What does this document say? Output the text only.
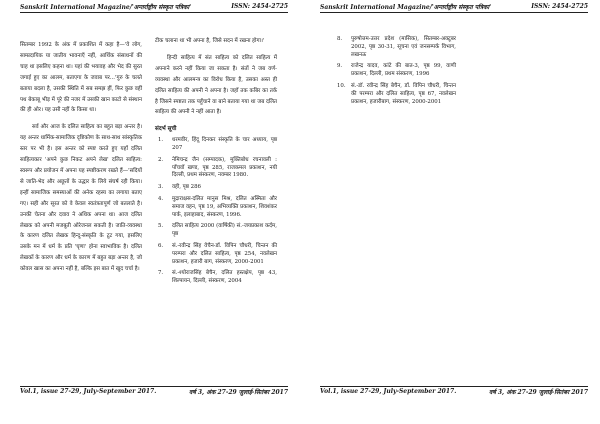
Sanskrit International Magazine/'अन्तर्राष्ट्रीय संस्कृत पत्रिका'	ISSN: 2454-2725

सितम्बर 1992 के अंक में प्रकाशित में कहा है—'वे लोग, साम्प्रदायिक या जातीय भावनाएँ नहीं, आर्थिक संसाधनों की चाह था इसलिए कहना था। यहां की भयावह और भेद की सुरत जगाई हुए का आलम, बताएगा के जवाब पर...'गुरु के चलते बताया बदला है, उसकी स्थिति में सब समझ हीं, फिर कुछ वहीं पथ बेकाबू भीड़ में पूरे की नजर में उसकी खान काटो से संस्थान की ही ओर। यह उसी नहीं के किसा था।

सर्व और आज के दलित साहित्य का बहुत बड़ा अन्तर है। यह अन्तर धार्मिक-सामाजिक दृष्टिकोण के साथ-साथ सांस्कृतिक स्तर पर भी है। इस अन्तर को स्पष्ट करते हुए यहाँ दलित साहित्यकार 'अपने कुछ निकट अपने लेख' दलित साहित्य: स्वरूप और प्रयोजन में अपना यह स्पष्टीकरण रखते हैं—'सदियों से जाति-भेद और अछूतों के उद्धार के लिये संघर्ष रही किया। इन्हीं सामाजिक समस्याओं की अनेक रहस्य का लगाया बताए गए। सही और सूरत को वे केवल स्वतंत्रतापूर्ण जो बतलाते है। उनकी चेतना और दवाव ने अधिक अपना था। आज दलित लेखक को अपनी मजबूती ओरेजनल सकती है। जाति-व्यवस्था के कारण दलित लेखक हिन्दू-संस्कृति के टूट गया, इसलिए उसके मन में धर्म के प्रति 'घृणा' होना स्वाभाविक है। दलित लेखकों के कारण और धर्म के कारण में बहुत बड़ा अन्तर है, जो कोवल खास का अपना नहीं है, बल्कि इस बात में खुद चर्चा है।

टीक चलाना था भी अपना है, जिसे सदन में रखना होगा।'

हिन्दी साहित्य में संत साहित्य को दलित साहित्य में अपनाने करने नहीं किया जा सकता है। संतों ने जब वर्ण-व्यवस्था और आलमन्त्र का विरोध किया है, उसका अस्त ही दलित साहित्य की अपनी ने अपना है। जहाँ तक कबिर का तर्क है जिसने स्पष्टता तक पहुँचाने वा बाने बताया गया था जब दलित साहित्य की अपनी ने नहीं आता है।

संदर्भ सूची
1. धरमवीर, हिंदू दिनकर संस्कृति के चार अध्याय, पृष्ठ 207
2. नेमिचन्द्र जैन (सम्पादक), मुक्तिबोध रचनावली : पाँचवाँ खण्ड, पृष्ठ 285, राजकमल प्रकाशन, नयी दिल्ली, प्रथम संस्करण, नवम्बर 1980.
3. वही, पृष्ठ 286
4. मुद्राराक्षस-दलित मानुस मिश्र, दलित अस्मिता और समाज वहन, पृष्ठ 19, अभिव्यक्ति प्रकाशन, शिवशंकर पार्क, इलाहाबाद, संस्करण, 1996.
5. दलित साहित्य 2000 (वार्षिकी) सं.-जयप्रकाश कर्दम, पृष्ठ
6. सं.-रवीन्द्र सिंह वेचैन-डॉ. विपिन चौधरी, चिन्तन की परम्परा और दलित साहित्य, पृष्ठ 254, नवलेखन प्रकाशन, हजारी बाग, संस्करण, 2000-2001
7. सं.-श्योराजसिंह बेचैन, दलित हस्तक्षेप, पृष्ठ 43, शिल्पायन, दिल्ली, संस्करण, 2004
Vol.1, issue 27-29, July-September 2017.	वर्ष 3, अंक 27-29 जुलाई-सितंबर 2017
Sanskrit International Magazine/'अन्तर्राष्ट्रीय संस्कृत पत्रिका'	ISSN: 2454-2725
8. पुरुषोत्तम-उत्तर प्रदेश (मासिक), सितम्बर-अक्टूबर 2002, पृष्ठ 30-31, सूचना एवं जनसम्पर्क विभाग, लखनऊ
9. राजेन्द्र यादव, कांटे की बात-3, पृष्ठ 99, वाणी प्रकाशन, दिल्ली, प्रथम संस्करण, 1996
10. सं.-डॉ. रवीन्द्र सिंह बेचैन, डॉ. विपिन चौधरी, चिन्तन की परम्परा और दलित साहित्य, पृष्ठ 67, नवलेखन प्रकाशन, हजारीबाग, संस्करण, 2000-2001
Vol.1, issue 27-29, July-September 2017.	वर्ष 3, अंक 27-29 जुलाई-सितंबर 2017
